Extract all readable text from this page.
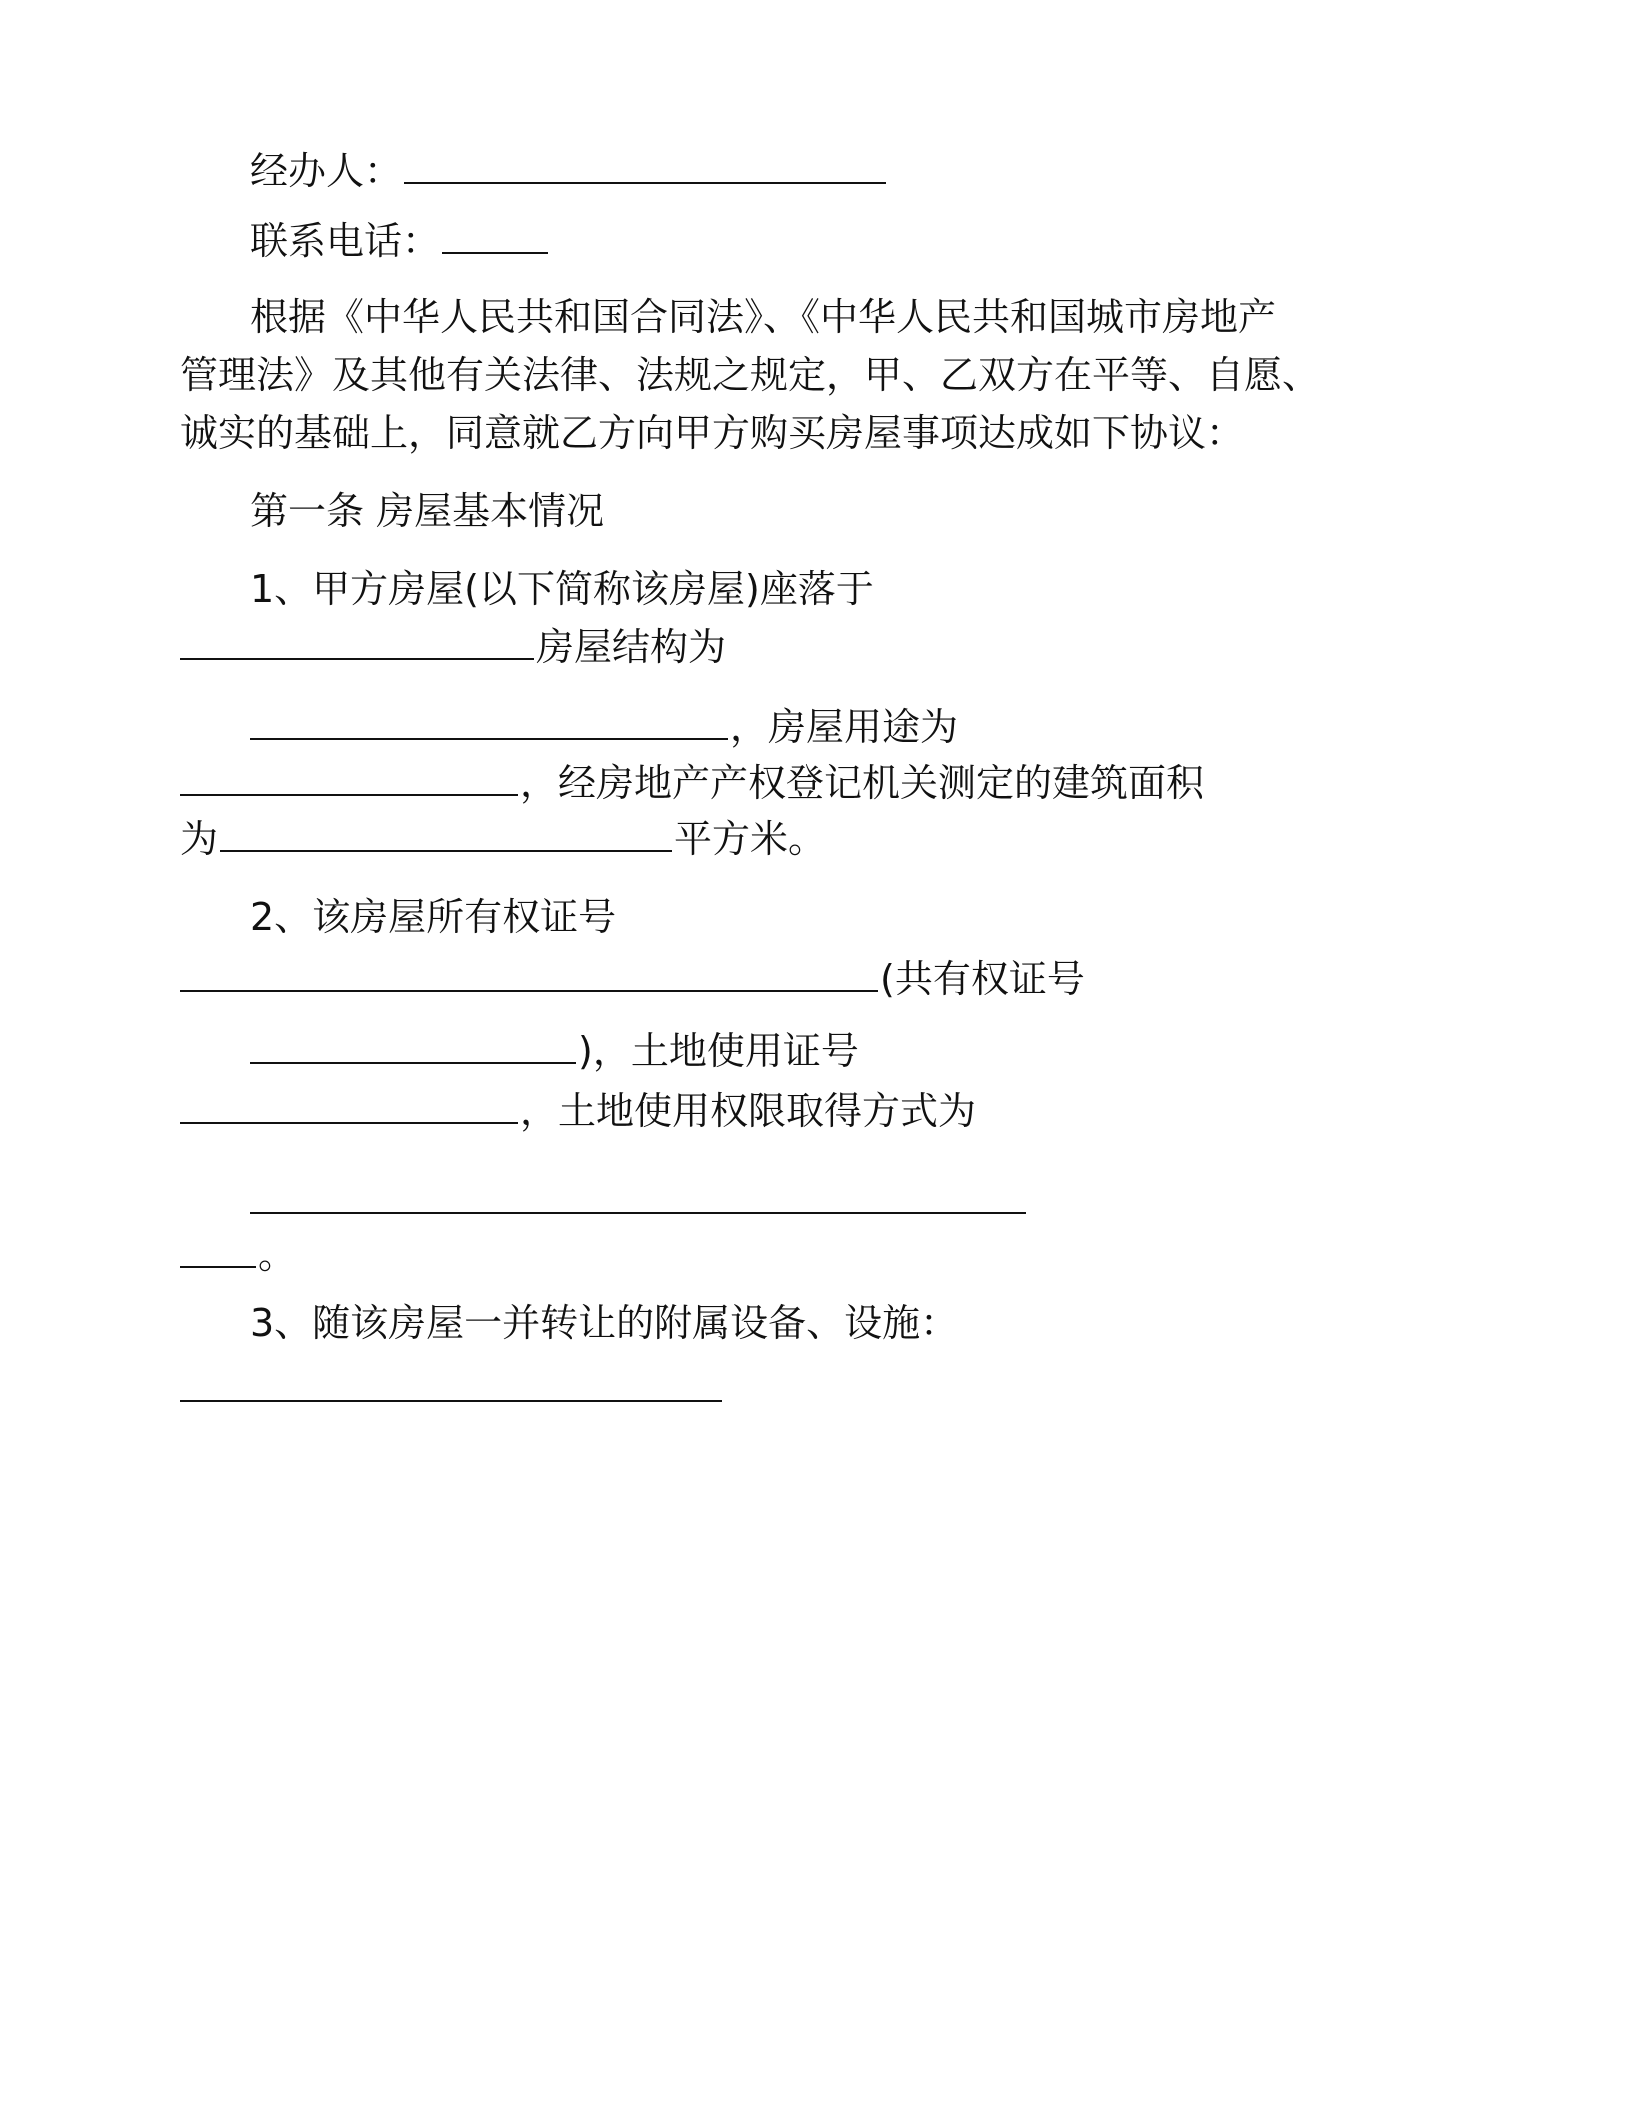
经办人：
联系电话：
根据《中华人民共和国合同法》、《中华人民共和国城市房地产
管理法》及其他有关法律、法规之规定，甲、乙双方在平等、自愿、
诚实的基础上，同意就乙方向甲方购买房屋事项达成如下协议：
第一条 房屋基本情况
1、甲方房屋(以下简称该房屋)座落于
房屋结构为
，房屋用途为
，经房地产产权登记机关测定的建筑面积
为	平方米。
2、该房屋所有权证号
(共有权证号
)，土地使用证号
，土地使用权限取得方式为
。
3、随该房屋一并转让的附属设备、设施：
